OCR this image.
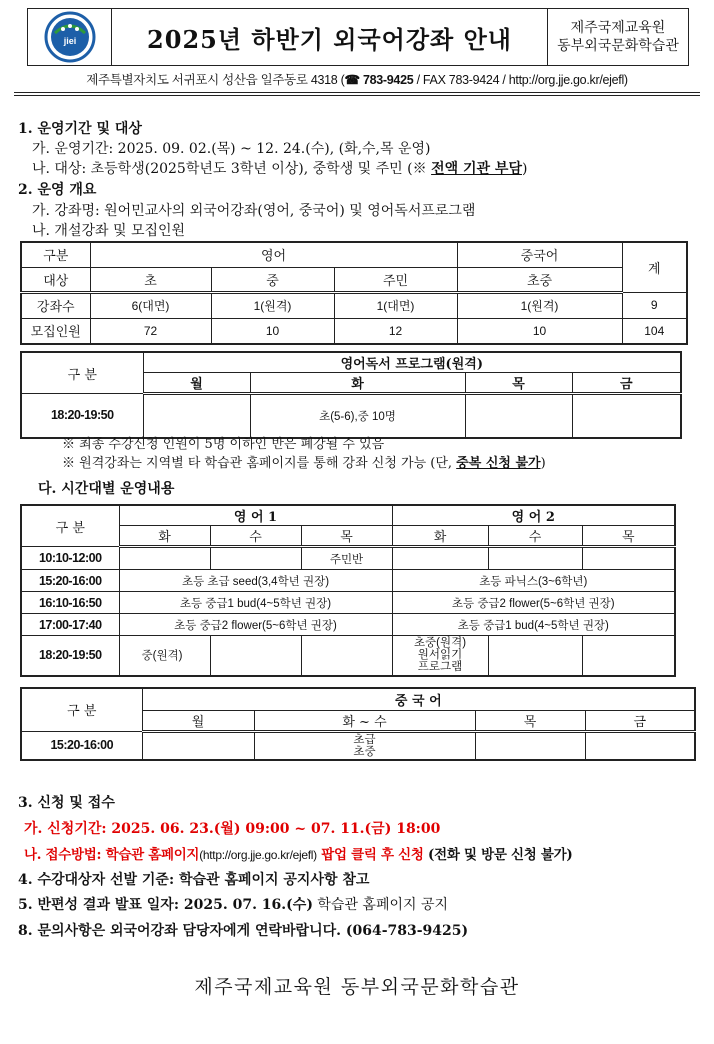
jiei	2025년 하반기 외국어강좌 안내	제주국제교육원
동부외국문화학습관
제주특별자치도 서귀포시 성산읍 일주동로 4318 (☎ 783-9425 / FAX 783-9424 / http://org.jje.go.kr/ejefl)
1. 운영기간 및 대상
가. 운영기간: 2025. 09. 02.(목) ~ 12. 24.(수), (화,수,목 운영)
나. 대상: 초등학생(2025학년도 3학년 이상), 중학생 및 주민 (※ 전액 기관 부담)
2. 운영 개요
가. 강좌명: 원어민교사의 외국어강좌(영어, 중국어) 및 영어독서프로그램
나. 개설강좌 및 모집인원
구분	영어			중국어	계
대상	초	중	주민	초중	
강좌수	6(대면)	1(원격)	1(대면)	1(원격)	9
모집인원	72	10	12	10	104
구 분	영어독서 프로그램(원격)			
	월	화	목	금
18:20-19:50		초(5-6),중 10명		
※ 최종 수강신청 인원이 5명 이하인 반은 폐강될 수 있음
※ 원격강좌는 지역별 타 학습관 홈페이지를 통해 강좌 신청 가능 (단, 중복 신청 불가)
다. 시간대별 운영내용
구 분	영 어 1			영 어 2		
	화	수	목	화	수	목
10:10-12:00			주민반			
15:20-16:00	초등 초급 seed(3,4학년 권장)			초등 파닉스(3~6학년)		
16:10-16:50	초등 중급1 bud(4~5학년 권장)			초등 중급2 flower(5~6학년 권장)		
17:00-17:40	초등 중급2 flower(5~6학년 권장)			초등 중급1 bud(4~5학년 권장)		
18:20-19:50	중(원격)			초중(원격)
원서읽기
프로그램		

구 분	중 국 어			
	월	화 ~ 수	목	금
15:20-16:00		초급
초중		

3. 신청 및 접수
가. 신청기간: 2025. 06. 23.(월) 09:00 ~ 07. 11.(금) 18:00
나. 접수방법: 학습관 홈페이지(http://org.jje.go.kr/ejefl) 팝업 클릭 후 신청 (전화 및 방문 신청 불가)
4. 수강대상자 선발 기준: 학습관 홈페이지 공지사항 참고
5. 반편성 결과 발표 일자: 2025. 07. 16.(수) 학습관 홈페이지 공지
8. 문의사항은 외국어강좌 담당자에게 연락바랍니다. (064-783-9425)
제주국제교육원 동부외국문화학습관
